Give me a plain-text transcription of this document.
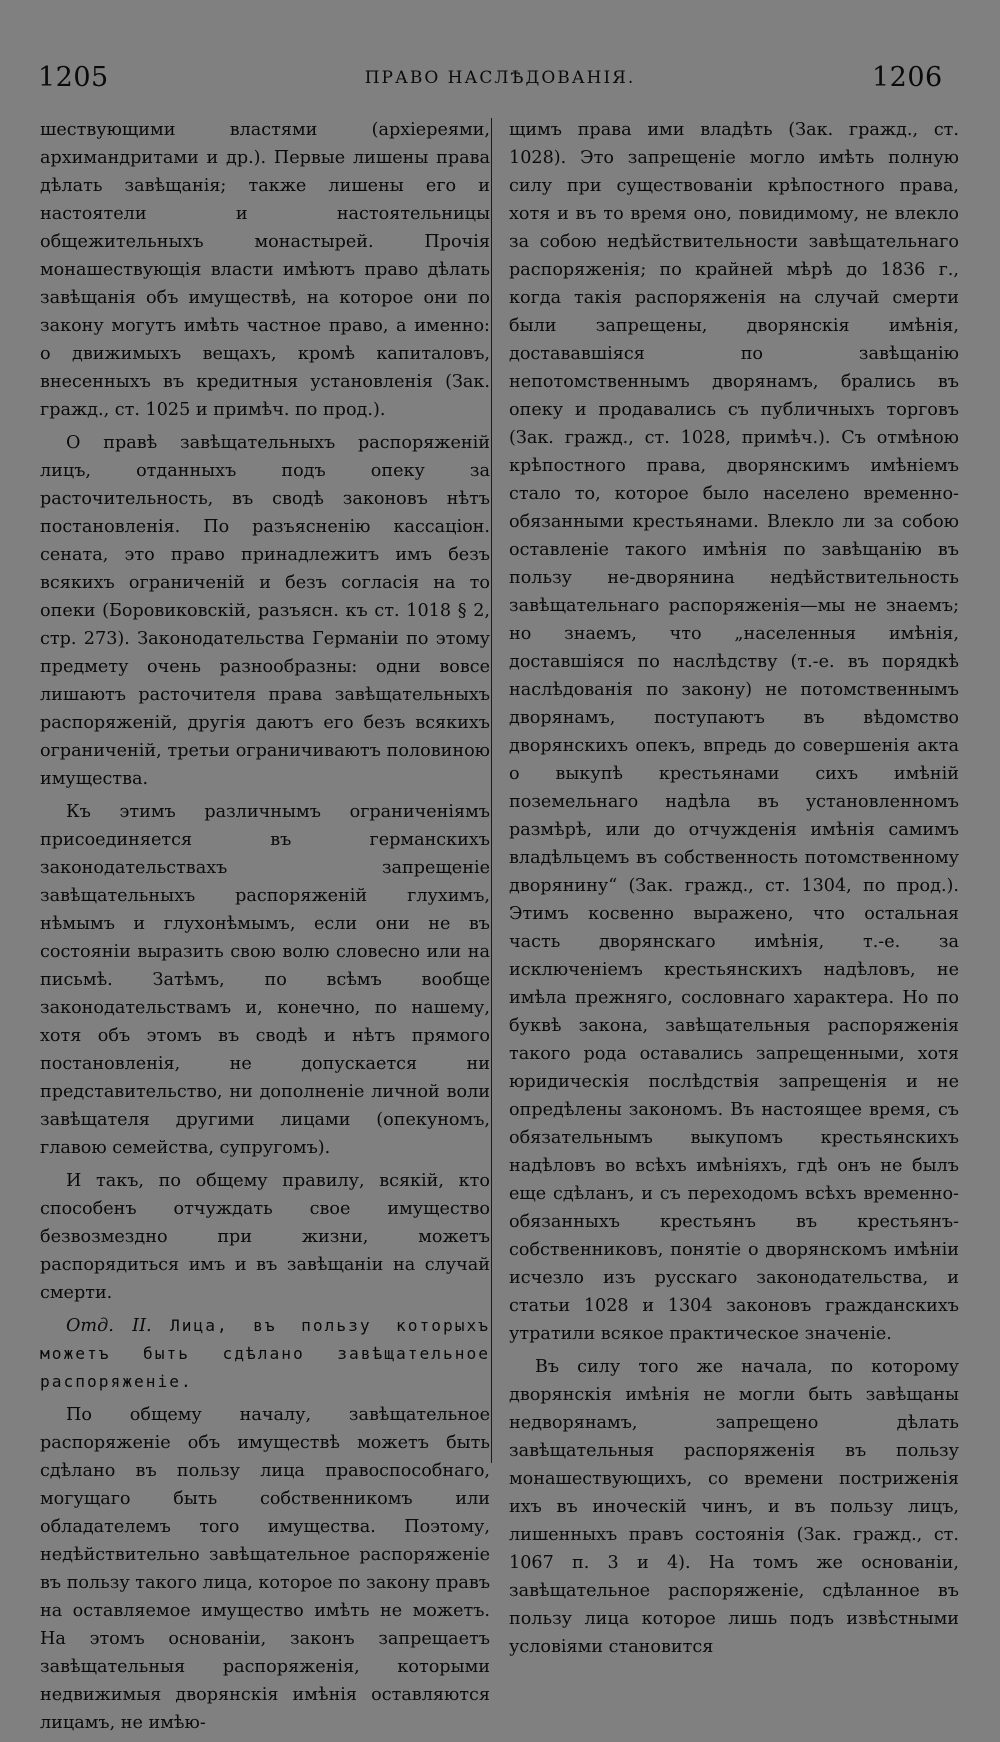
1205	ПРАВО НАСЛѢДОВАНІЯ.	1206

шествующими властями (архіереями, архимандритами и др.). Первые лишены права дѣлать завѣщанія; также лишены его и настоятели и настоятельницы общежительныхъ монастырей. Прочія монашествующія власти имѣютъ право дѣлать завѣщанія объ имуществѣ, на которое они по закону могутъ имѣть частное право, а именно: о движимыхъ вещахъ, кромѣ капиталовъ, внесенныхъ въ кредитныя установленія (Зак. гражд., ст. 1025 и примѣч. по прод.).

О правѣ завѣщательныхъ распоряженій лицъ, отданныхъ подъ опеку за расточительность, въ сводѣ законовъ нѣтъ постановленія. По разъясненію кассаціон. сената, это право принадлежитъ имъ безъ всякихъ ограниченій и безъ согласія на то опеки (Боровиковскій, разъясн. къ ст. 1018 § 2, стр. 273). Законодательства Германіи по этому предмету очень разнообразны: одни вовсе лишаютъ расточителя права завѣщательныхъ распоряженій, другія даютъ его безъ всякихъ ограниченій, третьи ограничиваютъ половиною имущества.

Къ этимъ различнымъ ограниченіямъ присоединяется въ германскихъ законодательствахъ запрещеніе завѣщательныхъ распоряженій глухимъ, нѣмымъ и глухонѣмымъ, если они не въ состояніи выразить свою волю словесно или на письмѣ. Затѣмъ, по всѣмъ вообще законодательствамъ и, конечно, по нашему, хотя объ этомъ въ сводѣ и нѣтъ прямого постановленія, не допускается ни представительство, ни дополненіе личной воли завѣщателя другими лицами (опекуномъ, главою семейства, супругомъ).

И такъ, по общему правилу, всякій, кто способенъ отчуждать свое имущество безвозмездно при жизни, можетъ распорядиться имъ и въ завѣщаніи на случай смерти.

Отд. II. Лица, въ пользу которыхъ можетъ быть сдѣлано завѣщательное распоряженіе.

По общему началу, завѣщательное распоряженіе объ имуществѣ можетъ быть сдѣлано въ пользу лица правоспособнаго, могущаго быть собственникомъ или обладателемъ того имущества. Поэтому, недѣйствительно завѣщательное распоряженіе въ пользу такого лица, которое по закону правъ на оставляемое имущество имѣть не можетъ. На этомъ основаніи, законъ запрещаетъ завѣщательныя распоряженія, которыми недвижимыя дворянскія имѣнія оставляются лицамъ, не имѣю-

щимъ права ими владѣть (Зак. гражд., ст. 1028). Это запрещеніе могло имѣть полную силу при существованіи крѣпостного права, хотя и въ то время оно, повидимому, не влекло за собою недѣйствительности завѣщательнаго распоряженія; по крайней мѣрѣ до 1836 г., когда такія распоряженія на случай смерти были запрещены, дворянскія имѣнія, достававшіяся по завѣщанію непотомственнымъ дворянамъ, брались въ опеку и продавались съ публичныхъ торговъ (Зак. гражд., ст. 1028, примѣч.). Съ отмѣною крѣпостного права, дворянскимъ имѣніемъ стало то, которое было населено временно-обязанными крестьянами. Влекло ли за собою оставленіе такого имѣнія по завѣщанію въ пользу не-дворянина недѣйствительность завѣщательнаго распоряженія—мы не знаемъ; но знаемъ, что „населенныя имѣнія, доставшіяся по наслѣдству (т.-е. въ порядкѣ наслѣдованія по закону) не потомственнымъ дворянамъ, поступаютъ въ вѣдомство дворянскихъ опекъ, впредь до совершенія акта о выкупѣ крестьянами сихъ имѣній поземельнаго надѣла въ установленномъ размѣрѣ, или до отчужденія имѣнія самимъ владѣльцемъ въ собственность потомственному дворянину“ (Зак. гражд., ст. 1304, по прод.). Этимъ косвенно выражено, что остальная часть дворянскаго имѣнія, т.-е. за исключеніемъ крестьянскихъ надѣловъ, не имѣла прежняго, сословнаго характера. Но по буквѣ закона, завѣщательныя распоряженія такого рода оставались запрещенными, хотя юридическія послѣдствія запрещенія и не опредѣлены закономъ. Въ настоящее время, съ обязательнымъ выкупомъ крестьянскихъ надѣловъ во всѣхъ имѣніяхъ, гдѣ онъ не былъ еще сдѣланъ, и съ переходомъ всѣхъ временно-обязанныхъ крестьянъ въ крестьянъ-собственниковъ, понятіе о дворянскомъ имѣніи исчезло изъ русскаго законодательства, и статьи 1028 и 1304 законовъ гражданскихъ утратили всякое практическое значеніе.

Въ силу того же начала, по которому дворянскія имѣнія не могли быть завѣщаны недворянамъ, запрещено дѣлать завѣщательныя распоряженія въ пользу монашествующихъ, со времени постриженія ихъ въ иноческій чинъ, и въ пользу лицъ, лишенныхъ правъ состоянія (Зак. гражд., ст. 1067 п. 3 и 4). На томъ же основаніи, завѣщательное распоряженіе, сдѣланное въ пользу лица которое лишь подъ извѣстными условіями становится
